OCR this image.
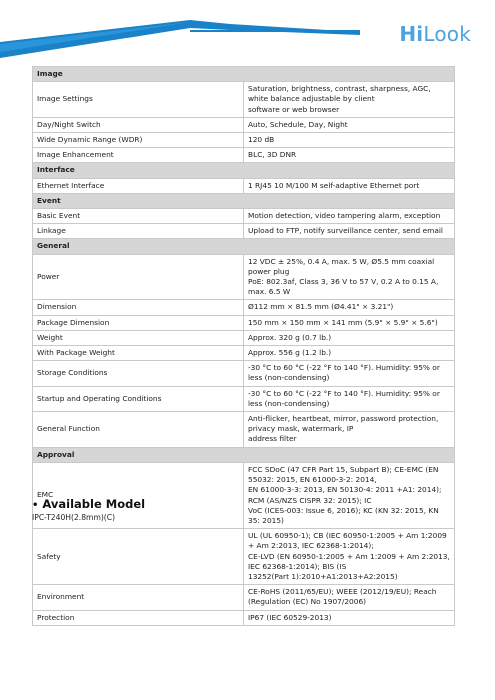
HiLook
Image	
Image Settings	Saturation, brightness, contrast, sharpness, AGC, white balance adjustable by client
software or web browser

Day/Night Switch	Auto, Schedule, Day, Night

Wide Dynamic Range (WDR)	120 dB

Image Enhancement	BLC, 3D DNR

Interface	
Ethernet Interface	1 RJ45 10 M/100 M self-adaptive Ethernet port

Event	
Basic Event	Motion detection, video tampering alarm, exception

Linkage	Upload to FTP, notify surveillance center, send email

General	
Power	12 VDC ± 25%, 0.4 A, max. 5 W, Ø5.5 mm coaxial power plug
PoE: 802.3af, Class 3, 36 V to 57 V, 0.2 A to 0.15 A, max. 6.5 W

Dimension	Ø112 mm × 81.5 mm (Ø4.41" × 3.21")

Package Dimension	150 mm × 150 mm × 141 mm (5.9" × 5.9" × 5.6")

Weight	Approx. 320 g (0.7 lb.)

With Package Weight	Approx. 556 g (1.2 lb.)

Storage Conditions	-30 °C to 60 °C (-22 °F to 140 °F). Humidity: 95% or less (non-condensing)

Startup and Operating Conditions	-30 °C to 60 °C (-22 °F to 140 °F). Humidity: 95% or less (non-condensing)

General Function	Anti-flicker, heartbeat, mirror, password protection, privacy mask, watermark, IP
address filter

Approval	
EMC	FCC SDoC (47 CFR Part 15, Subpart B); CE-EMC (EN 55032: 2015, EN 61000-3-2: 2014,
EN 61000-3-3: 2013, EN 50130-4: 2011 +A1: 2014); RCM (AS/NZS CISPR 32: 2015); IC
VoC (ICES-003: Issue 6, 2016); KC (KN 32: 2015, KN 35: 2015)

Safety	UL (UL 60950-1); CB (IEC 60950-1:2005 + Am 1:2009 + Am 2:2013, IEC 62368-1:2014);
CE-LVD (EN 60950-1:2005 + Am 1:2009 + Am 2:2013, IEC 62368-1:2014); BIS (IS
13252(Part 1):2010+A1:2013+A2:2015)

Environment	CE-RoHS (2011/65/EU); WEEE (2012/19/EU); Reach (Regulation (EC) No 1907/2006)

Protection	IP67 (IEC 60529-2013)
• Available Model
IPC-T240H(2.8mm)(C)
